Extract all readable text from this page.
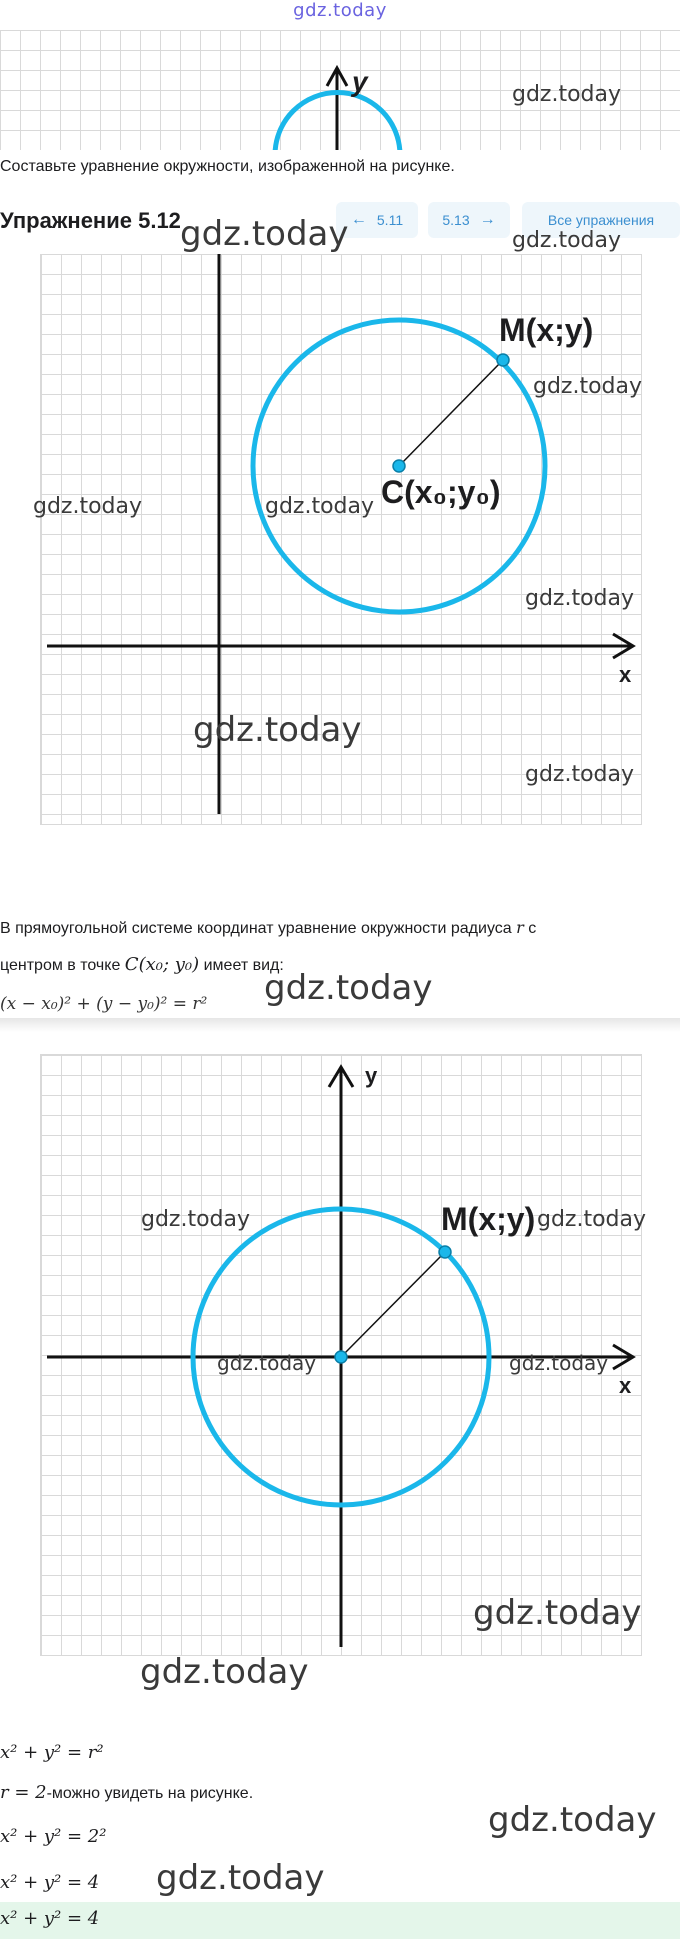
gdz.today
y	gdz.today

Составьте уравнение окружности, изображенной на рисунке.

Упражнение 5.12	← 5.11	5.13 →	Все упражнения
gdz.today	gdz.today
M(x;y)
C(x₀;y₀)
x
gdz.today
gdz.today	gdz.today
gdz.today
gdz.today
gdz.today

В прямоугольной системе координат уравнение окружности радиуса r с

центром в точке C(x₀; y₀) имеет вид:

(x − x₀)² + (y − y₀)² = r² gdz.today
y
M(x;y)
x
gdz.today	gdz.today
gdz.today	gdz.today
gdz.today
gdz.today
x² + y² = r²

r = 2-можно увидеть на рисунке.

gdz.today
x² + y² = 2²
x² + y² = 4 gdz.today
x² + y² = 4
